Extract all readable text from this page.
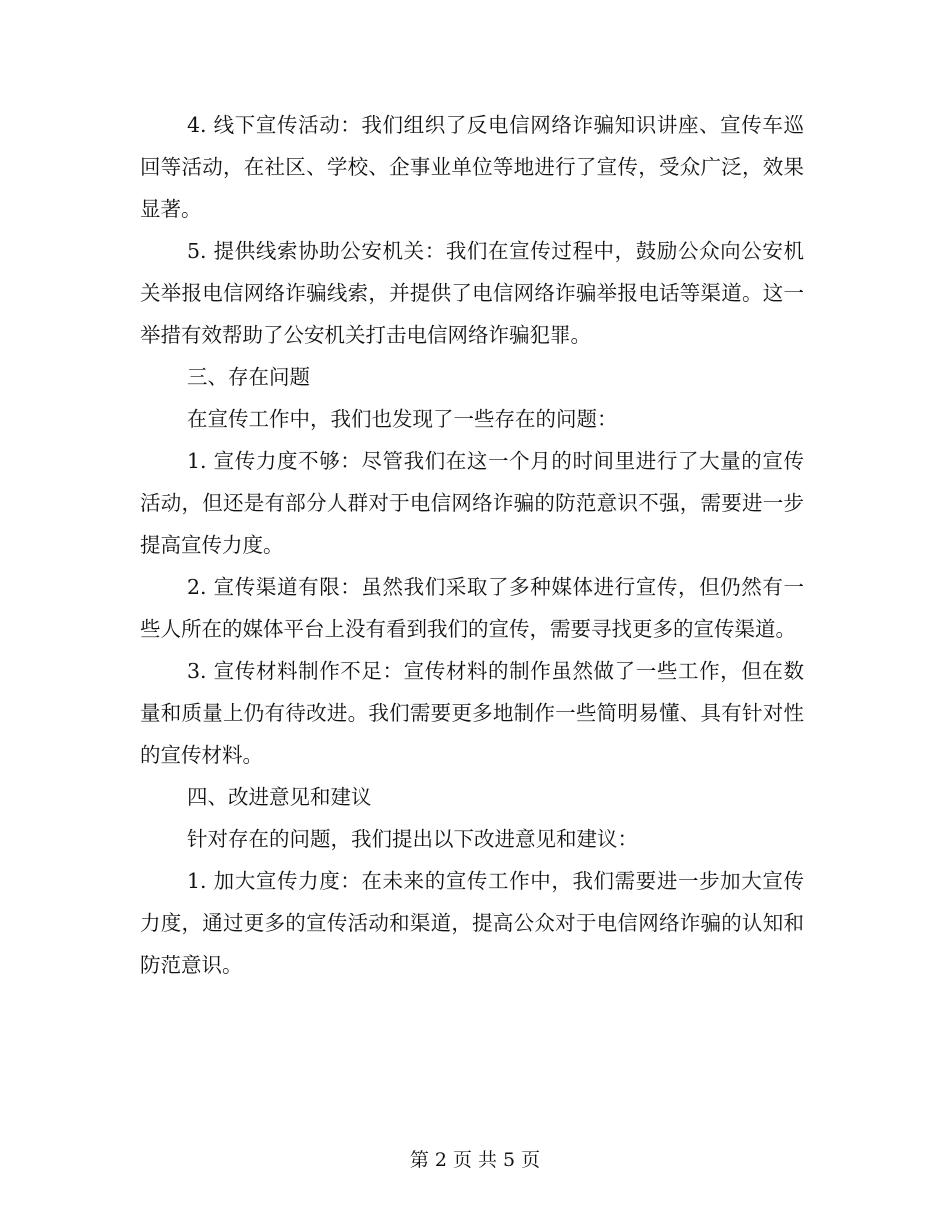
4. 线下宣传活动：我们组织了反电信网络诈骗知识讲座、宣传车巡回等活动，在社区、学校、企事业单位等地进行了宣传，受众广泛，效果显著。

5. 提供线索协助公安机关：我们在宣传过程中，鼓励公众向公安机关举报电信网络诈骗线索，并提供了电信网络诈骗举报电话等渠道。这一举措有效帮助了公安机关打击电信网络诈骗犯罪。

三、存在问题

在宣传工作中，我们也发现了一些存在的问题：

1. 宣传力度不够：尽管我们在这一个月的时间里进行了大量的宣传活动，但还是有部分人群对于电信网络诈骗的防范意识不强，需要进一步提高宣传力度。

2. 宣传渠道有限：虽然我们采取了多种媒体进行宣传，但仍然有一些人所在的媒体平台上没有看到我们的宣传，需要寻找更多的宣传渠道。

3. 宣传材料制作不足：宣传材料的制作虽然做了一些工作，但在数量和质量上仍有待改进。我们需要更多地制作一些简明易懂、具有针对性的宣传材料。

四、改进意见和建议

针对存在的问题，我们提出以下改进意见和建议：

1. 加大宣传力度：在未来的宣传工作中，我们需要进一步加大宣传力度，通过更多的宣传活动和渠道，提高公众对于电信网络诈骗的认知和防范意识。

第 2 页 共 5 页
